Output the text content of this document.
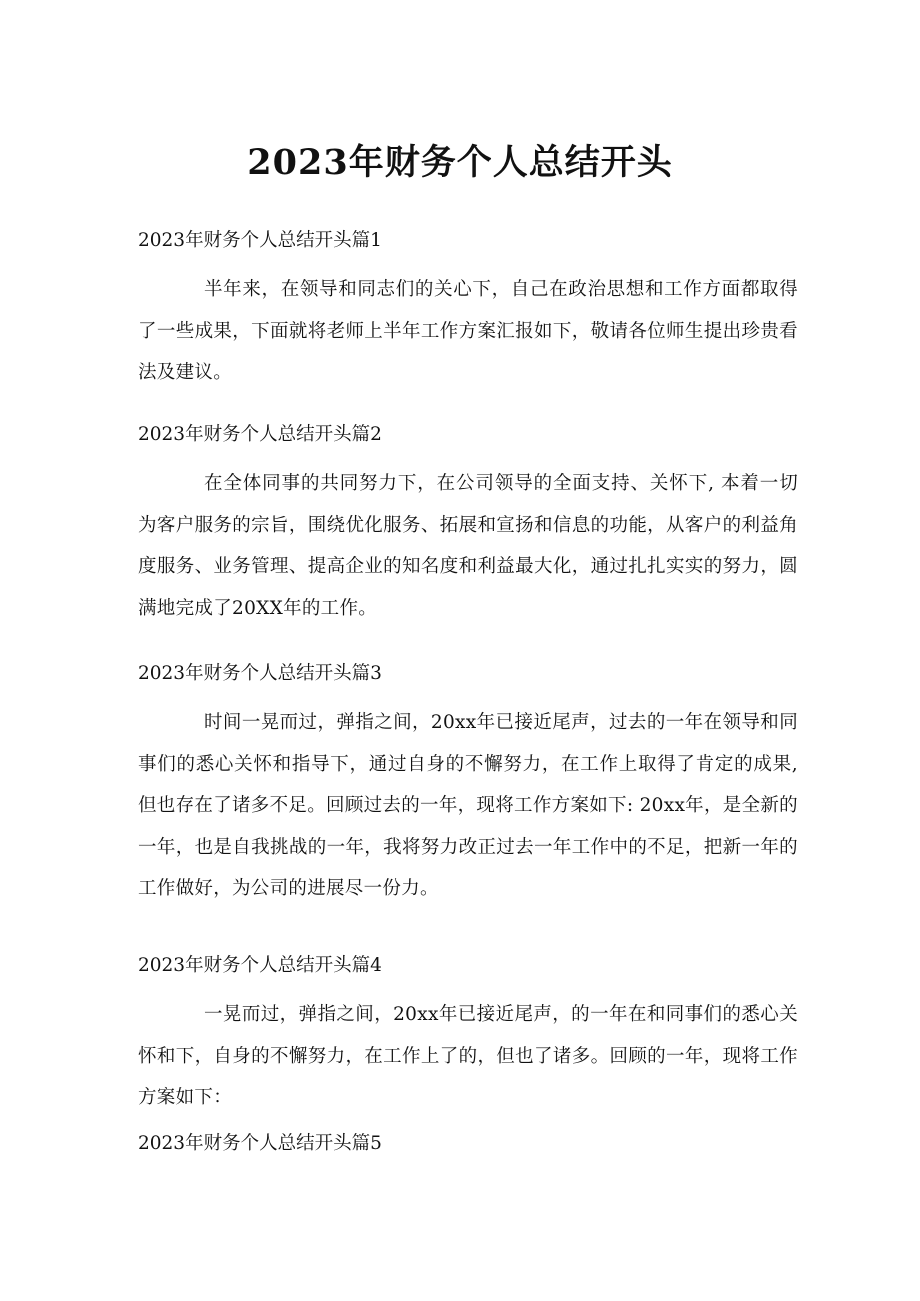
2023年财务个人总结开头

2023年财务个人总结开头篇1

半年来，在领导和同志们的关心下，自己在政治思想和工作方面都取得了一些成果，下面就将老师上半年工作方案汇报如下，敬请各位师生提出珍贵看法及建议。

2023年财务个人总结开头篇2

在全体同事的共同努力下，在公司领导的全面支持、关怀下, 本着一切为客户服务的宗旨，围绕优化服务、拓展和宣扬和信息的功能，从客户的利益角度服务、业务管理、提高企业的知名度和利益最大化，通过扎扎实实的努力，圆满地完成了20XX年的工作。

2023年财务个人总结开头篇3

时间一晃而过，弹指之间，20xx年已接近尾声，过去的一年在领导和同事们的悉心关怀和指导下，通过自身的不懈努力，在工作上取得了肯定的成果,但也存在了诸多不足。回顾过去的一年，现将工作方案如下: 20xx年，是全新的一年，也是自我挑战的一年，我将努力改正过去一年工作中的不足，把新一年的工作做好，为公司的进展尽一份力。

2023年财务个人总结开头篇4

一晃而过，弹指之间，20xx年已接近尾声，的一年在和同事们的悉心关怀和下，自身的不懈努力，在工作上了的，但也了诸多。回顾的一年，现将工作方案如下：

2023年财务个人总结开头篇5
